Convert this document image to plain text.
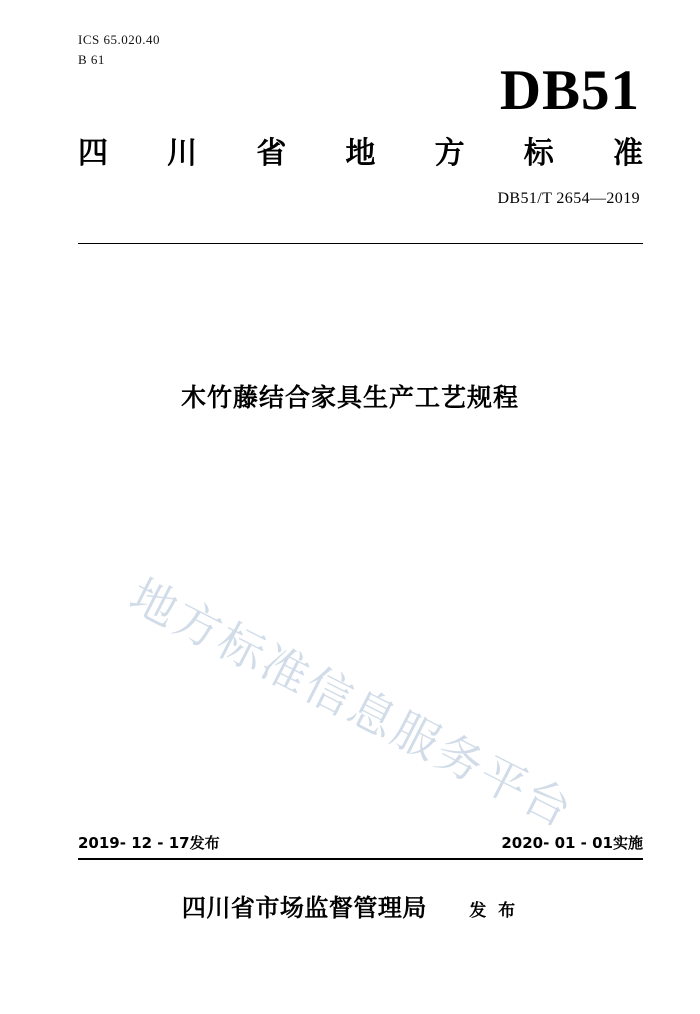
ICS 65.020.40
B 61	DB51
四 川 省 地 方 标 准
DB51/T 2654—2019
木竹藤结合家具生产工艺规程
地方标准信息服务平台
2019- 12 - 17发布	2020- 01 - 01实施
四川省市场监督管理局 发 布
